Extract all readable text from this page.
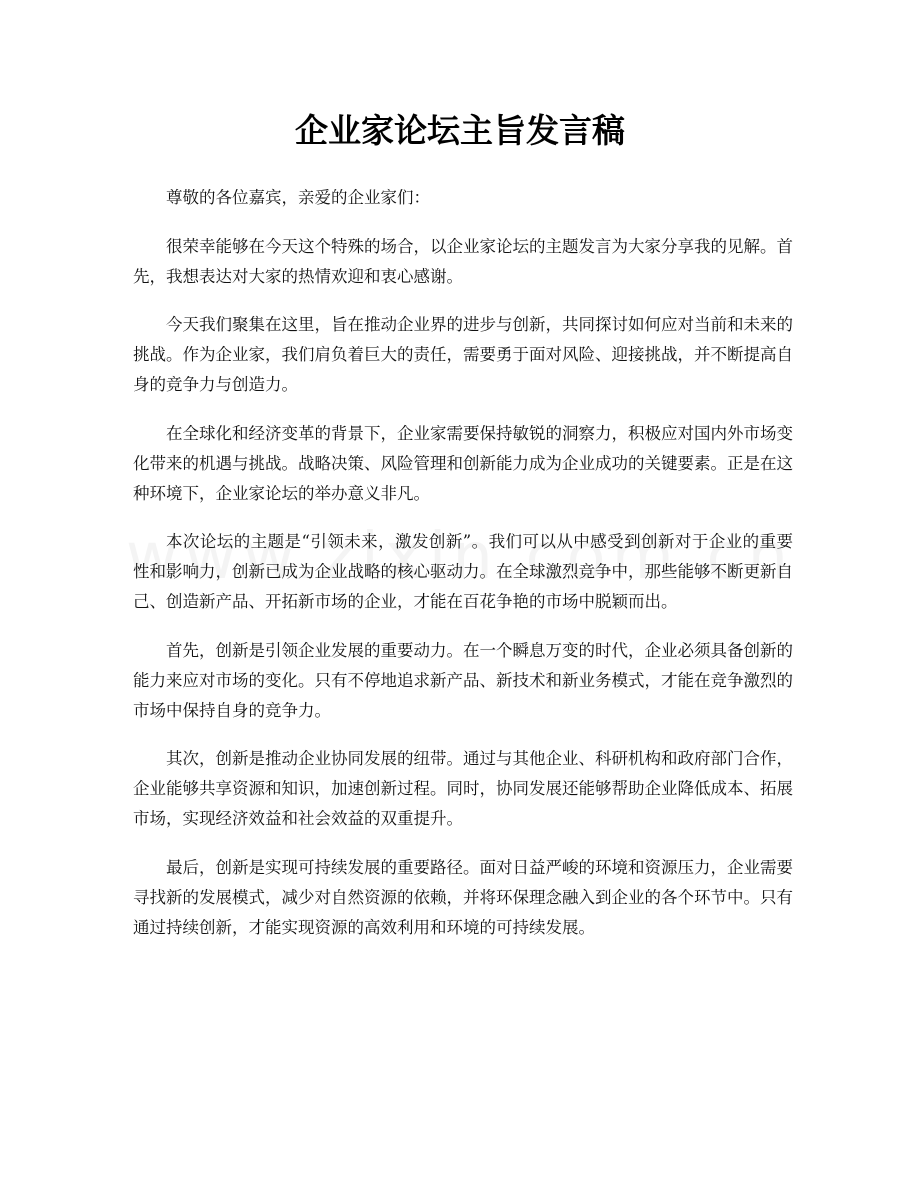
企业家论坛主旨发言稿

尊敬的各位嘉宾，亲爱的企业家们：

很荣幸能够在今天这个特殊的场合，以企业家论坛的主题发言为大家分享我的见解。首先，我想表达对大家的热情欢迎和衷心感谢。

今天我们聚集在这里，旨在推动企业界的进步与创新，共同探讨如何应对当前和未来的挑战。作为企业家，我们肩负着巨大的责任，需要勇于面对风险、迎接挑战，并不断提高自身的竞争力与创造力。

在全球化和经济变革的背景下，企业家需要保持敏锐的洞察力，积极应对国内外市场变化带来的机遇与挑战。战略决策、风险管理和创新能力成为企业成功的关键要素。正是在这种环境下，企业家论坛的举办意义非凡。

本次论坛的主题是“引领未来，激发创新”。我们可以从中感受到创新对于企业的重要性和影响力，创新已成为企业战略的核心驱动力。在全球激烈竞争中，那些能够不断更新自己、创造新产品、开拓新市场的企业，才能在百花争艳的市场中脱颖而出。

首先，创新是引领企业发展的重要动力。在一个瞬息万变的时代，企业必须具备创新的能力来应对市场的变化。只有不停地追求新产品、新技术和新业务模式，才能在竞争激烈的市场中保持自身的竞争力。

其次，创新是推动企业协同发展的纽带。通过与其他企业、科研机构和政府部门合作，企业能够共享资源和知识，加速创新过程。同时，协同发展还能够帮助企业降低成本、拓展市场，实现经济效益和社会效益的双重提升。

最后，创新是实现可持续发展的重要路径。面对日益严峻的环境和资源压力，企业需要寻找新的发展模式，减少对自然资源的依赖，并将环保理念融入到企业的各个环节中。只有通过持续创新，才能实现资源的高效利用和环境的可持续发展。
